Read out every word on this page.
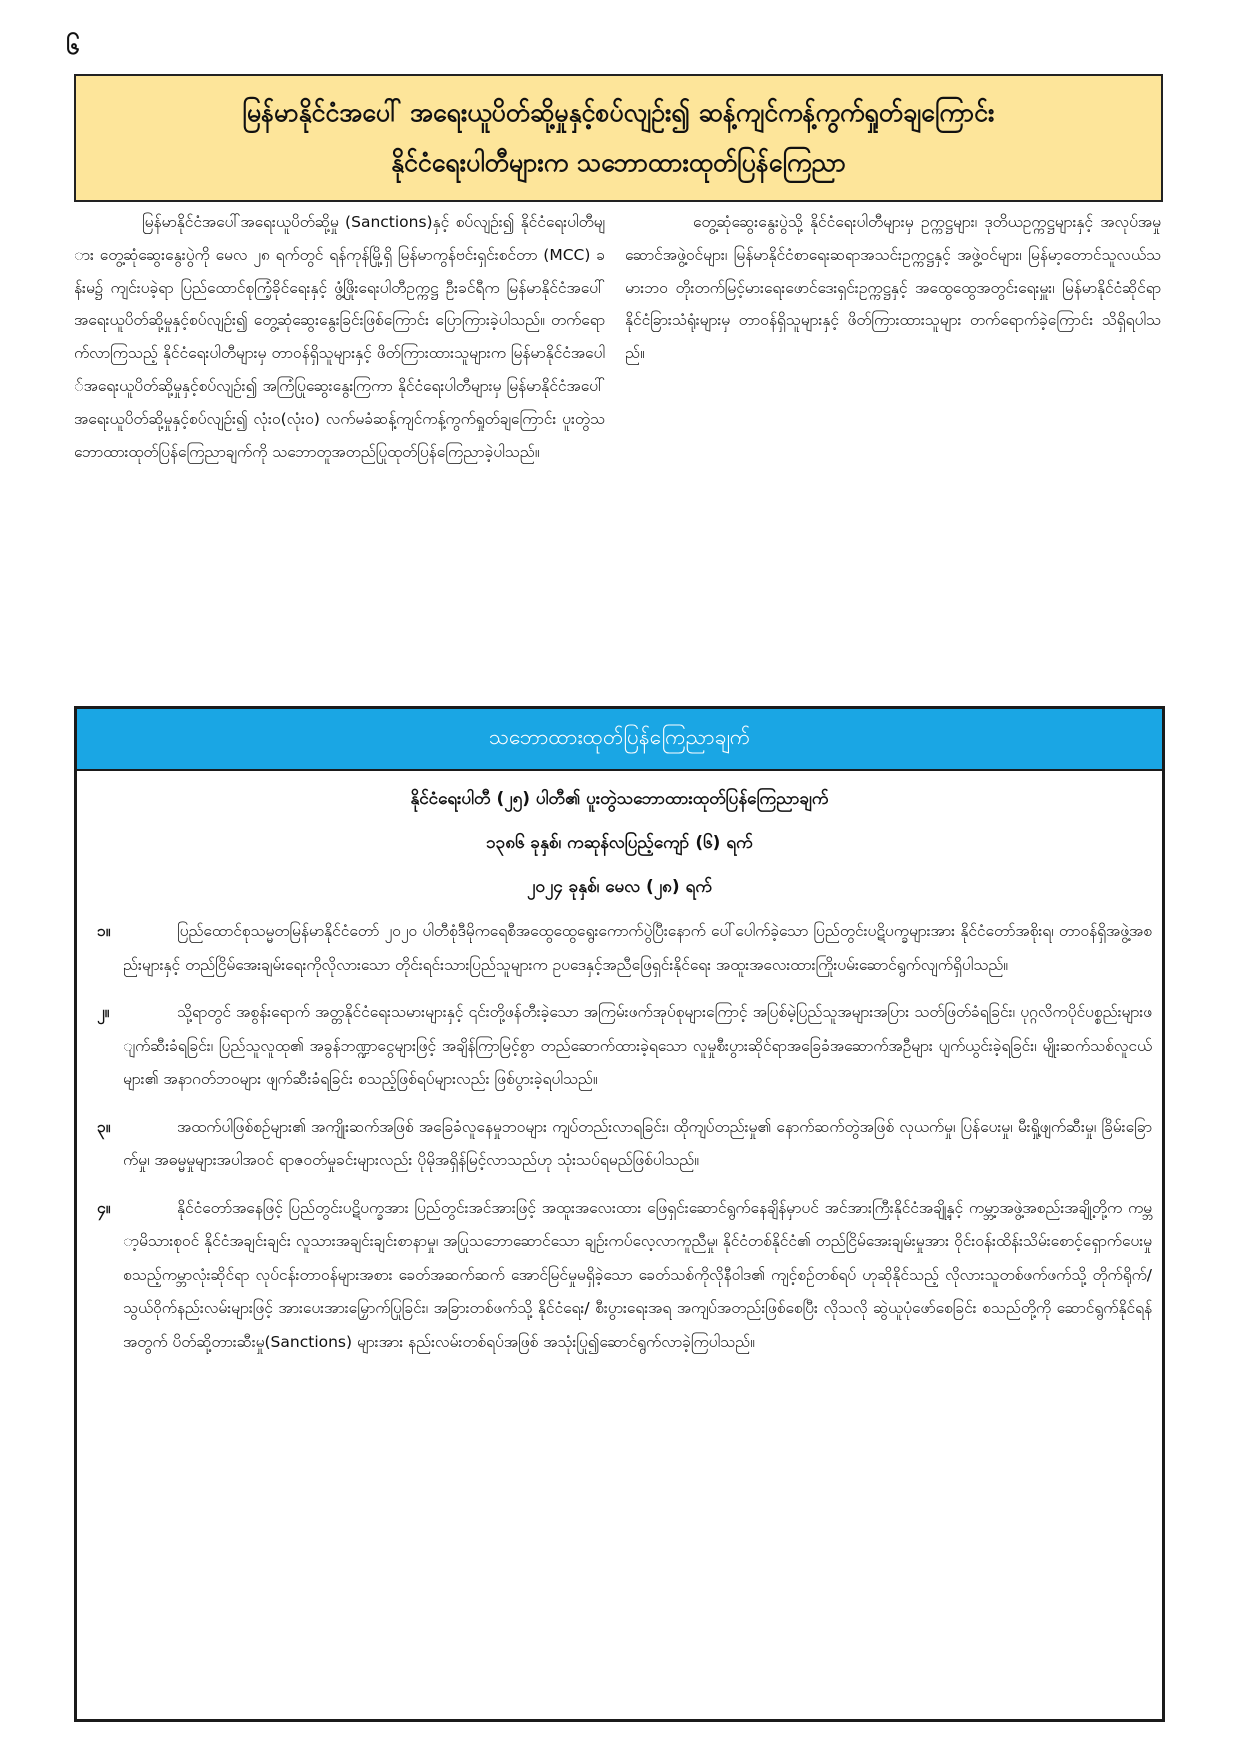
၆
မြန်မာနိုင်ငံအပေါ် အရေးယူပိတ်ဆို့မှုနှင့်စပ်လျဉ်း၍ ဆန့်ကျင်ကန့်ကွက်ရှုတ်ချကြောင်း
နိုင်ငံရေးပါတီများက သဘောထားထုတ်ပြန်ကြေညာ
မြန်မာနိုင်ငံအပေါ်အရေးယူပိတ်ဆို့မှု (Sanctions)နှင့် စပ်လျဉ်း၍ နိုင်ငံရေးပါတီများ တွေ့ဆုံဆွေးနွေးပွဲကို မေလ ၂၈ ရက်တွင် ရန်ကုန်မြို့ရှိ မြန်မာကွန်ဗင်းရှင်းစင်တာ (MCC) ခန်းမ၌ ကျင်းပခဲ့ရာ ပြည်ထောင်စုကြံ့ခိုင်ရေးနှင့် ဖွံ့ဖြိုးရေးပါတီဥက္ကဋ္ဌ ဦးခင်ရီက မြန်မာနိုင်ငံအပေါ် အရေးယူပိတ်ဆို့မှုနှင့်စပ်လျဉ်း၍ တွေ့ဆုံဆွေးနွေးခြင်းဖြစ်ကြောင်း ပြောကြားခဲ့ပါသည်။ တက်ရောက်လာကြသည့် နိုင်ငံရေးပါတီများမှ တာဝန်ရှိသူများနှင့် ဖိတ်ကြားထားသူများက မြန်မာနိုင်ငံအပေါ်အရေးယူပိတ်ဆို့မှုနှင့်စပ်လျဉ်း၍ အကြံပြုဆွေးနွေးကြကာ နိုင်ငံရေးပါတီများမှ မြန်မာနိုင်ငံအပေါ် အရေးယူပိတ်ဆို့မှုနှင့်စပ်လျဉ်း၍ လုံးဝ(လုံးဝ) လက်မခံဆန့်ကျင်ကန့်ကွက်ရှုတ်ချကြောင်း ပူးတွဲသဘောထားထုတ်ပြန်ကြေညာချက်ကို သဘောတူအတည်ပြုထုတ်ပြန်ကြေညာခဲ့ပါသည်။
တွေ့ဆုံဆွေးနွေးပွဲသို့ နိုင်ငံရေးပါတီများမှ ဥက္ကဋ္ဌများ၊ ဒုတိယဥက္ကဋ္ဌများနှင့် အလုပ်အမှုဆောင်အဖွဲ့ဝင်များ၊ မြန်မာနိုင်ငံစာရေးဆရာအသင်းဥက္ကဋ္ဌနှင့် အဖွဲ့ဝင်များ၊ မြန်မာ့တောင်သူလယ်သမားဘဝ တိုးတက်မြင့်မားရေးဖောင်ဒေးရှင်းဥက္ကဋ္ဌနှင့် အထွေထွေအတွင်းရေးမှူး၊ မြန်မာနိုင်ငံဆိုင်ရာ နိုင်ငံခြားသံရုံးများမှ တာဝန်ရှိသူများနှင့် ဖိတ်ကြားထားသူများ တက်ရောက်ခဲ့ကြောင်း သိရှိရပါသည်။
သဘောထားထုတ်ပြန်ကြေညာချက်
နိုင်ငံရေးပါတီ (၂၅) ပါတီ၏ ပူးတွဲသဘောထားထုတ်ပြန်ကြေညာချက်
၁၃၈၆ ခုနှစ်၊ ကဆုန်လပြည့်ကျော် (၆) ရက်
၂၀၂၄ ခုနှစ်၊ မေလ (၂၈) ရက်
၁။	ပြည်ထောင်စုသမ္မတမြန်မာနိုင်ငံတော် ၂၀၂၀ ပါတီစုံဒီမိုကရေစီအထွေထွေရွေးကောက်ပွဲပြီးနောက် ပေါ်ပေါက်ခဲ့သော ပြည်တွင်းပဋိပက္ခများအား နိုင်ငံတော်အစိုးရ၊ တာဝန်ရှိအဖွဲ့အစည်းများနှင့် တည်ငြိမ်အေးချမ်းရေးကိုလိုလားသော တိုင်းရင်းသားပြည်သူများက ဥပဒေနှင့်အညီဖြေရှင်းနိုင်ရေး အထူးအလေးထားကြိုးပမ်းဆောင်ရွက်လျက်ရှိပါသည်။
၂။	သို့ရာတွင် အစွန်းရောက် အတ္တနိုင်ငံရေးသမားများနှင့် ၎င်းတို့ဖန်တီးခဲ့သော အကြမ်းဖက်အုပ်စုများကြောင့် အပြစ်မဲ့ပြည်သူအများအပြား သတ်ဖြတ်ခံရခြင်း၊ ပုဂ္ဂလိကပိုင်ပစ္စည်းများဖျက်ဆီးခံရခြင်း၊ ပြည်သူလူထု၏ အခွန်ဘဏ္ဍာငွေများဖြင့် အချိန်ကြာမြင့်စွာ တည်ဆောက်ထားခဲ့ရသော လူမှုစီးပွားဆိုင်ရာအခြေခံအဆောက်အဦများ ပျက်ယွင်းခဲ့ရခြင်း၊ မျိုးဆက်သစ်လူငယ်များ၏ အနာဂတ်ဘဝများ ဖျက်ဆီးခံရခြင်း စသည့်ဖြစ်ရပ်များလည်း ဖြစ်ပွားခဲ့ရပါသည်။
၃။	အထက်ပါဖြစ်စဉ်များ၏ အကျိုးဆက်အဖြစ် အခြေခံလူနေမှုဘဝများ ကျပ်တည်းလာရခြင်း၊ ထိုကျပ်တည်းမှု၏ နောက်ဆက်တွဲအဖြစ် လုယက်မှု၊ ပြန်ပေးမှု၊ မီးရှို့ဖျက်ဆီးမှု၊ ခြိမ်းခြောက်မှု၊ အဓမ္မမှုများအပါအဝင် ရာဇဝတ်မှုခင်းများလည်း ပိုမိုအရှိန်မြင့်လာသည်ဟု သုံးသပ်ရမည်ဖြစ်ပါသည်။
၄။	နိုင်ငံတော်အနေဖြင့် ပြည်တွင်းပဋိပက္ခအား ပြည်တွင်းအင်အားဖြင့် အထူးအလေးထား ဖြေရှင်းဆောင်ရွက်နေချိန်မှာပင် အင်အားကြီးနိုင်ငံအချို့နှင့် ကမ္ဘာ့အဖွဲ့အစည်းအချို့တို့က ကမ္ဘာ့မိသားစုဝင် နိုင်ငံအချင်းချင်း လူသားအချင်းချင်းစာနာမှု၊ အပြုသဘောဆောင်သော ချဉ်းကပ်လေ့လာကူညီမှု၊ နိုင်ငံတစ်နိုင်ငံ၏ တည်ငြိမ်အေးချမ်းမှုအား ဝိုင်းဝန်းထိန်းသိမ်းစောင့်ရှောက်ပေးမှု စသည့်ကမ္ဘာလုံးဆိုင်ရာ လုပ်ငန်းတာဝန်များအစား ခေတ်အဆက်ဆက် အောင်မြင်မှုမရှိခဲ့သော ခေတ်သစ်ကိုလိုနီဝါဒ၏ ကျင့်စဉ်တစ်ရပ် ဟုဆိုနိုင်သည့် လိုလားသူတစ်ဖက်ဖက်သို့ တိုက်ရိုက်/ သွယ်ဝိုက်နည်းလမ်းများဖြင့် အားပေးအားမြှောက်ပြုခြင်း၊ အခြားတစ်ဖက်သို့ နိုင်ငံရေး/ စီးပွားရေးအရ အကျပ်အတည်းဖြစ်စေပြီး လိုသလို ဆွဲယူပုံဖော်စေခြင်း စသည်တို့ကို ဆောင်ရွက်နိုင်ရန်အတွက် ပိတ်ဆို့တားဆီးမှု(Sanctions) များအား နည်းလမ်းတစ်ရပ်အဖြစ် အသုံးပြု၍ဆောင်ရွက်လာခဲ့ကြပါသည်။
